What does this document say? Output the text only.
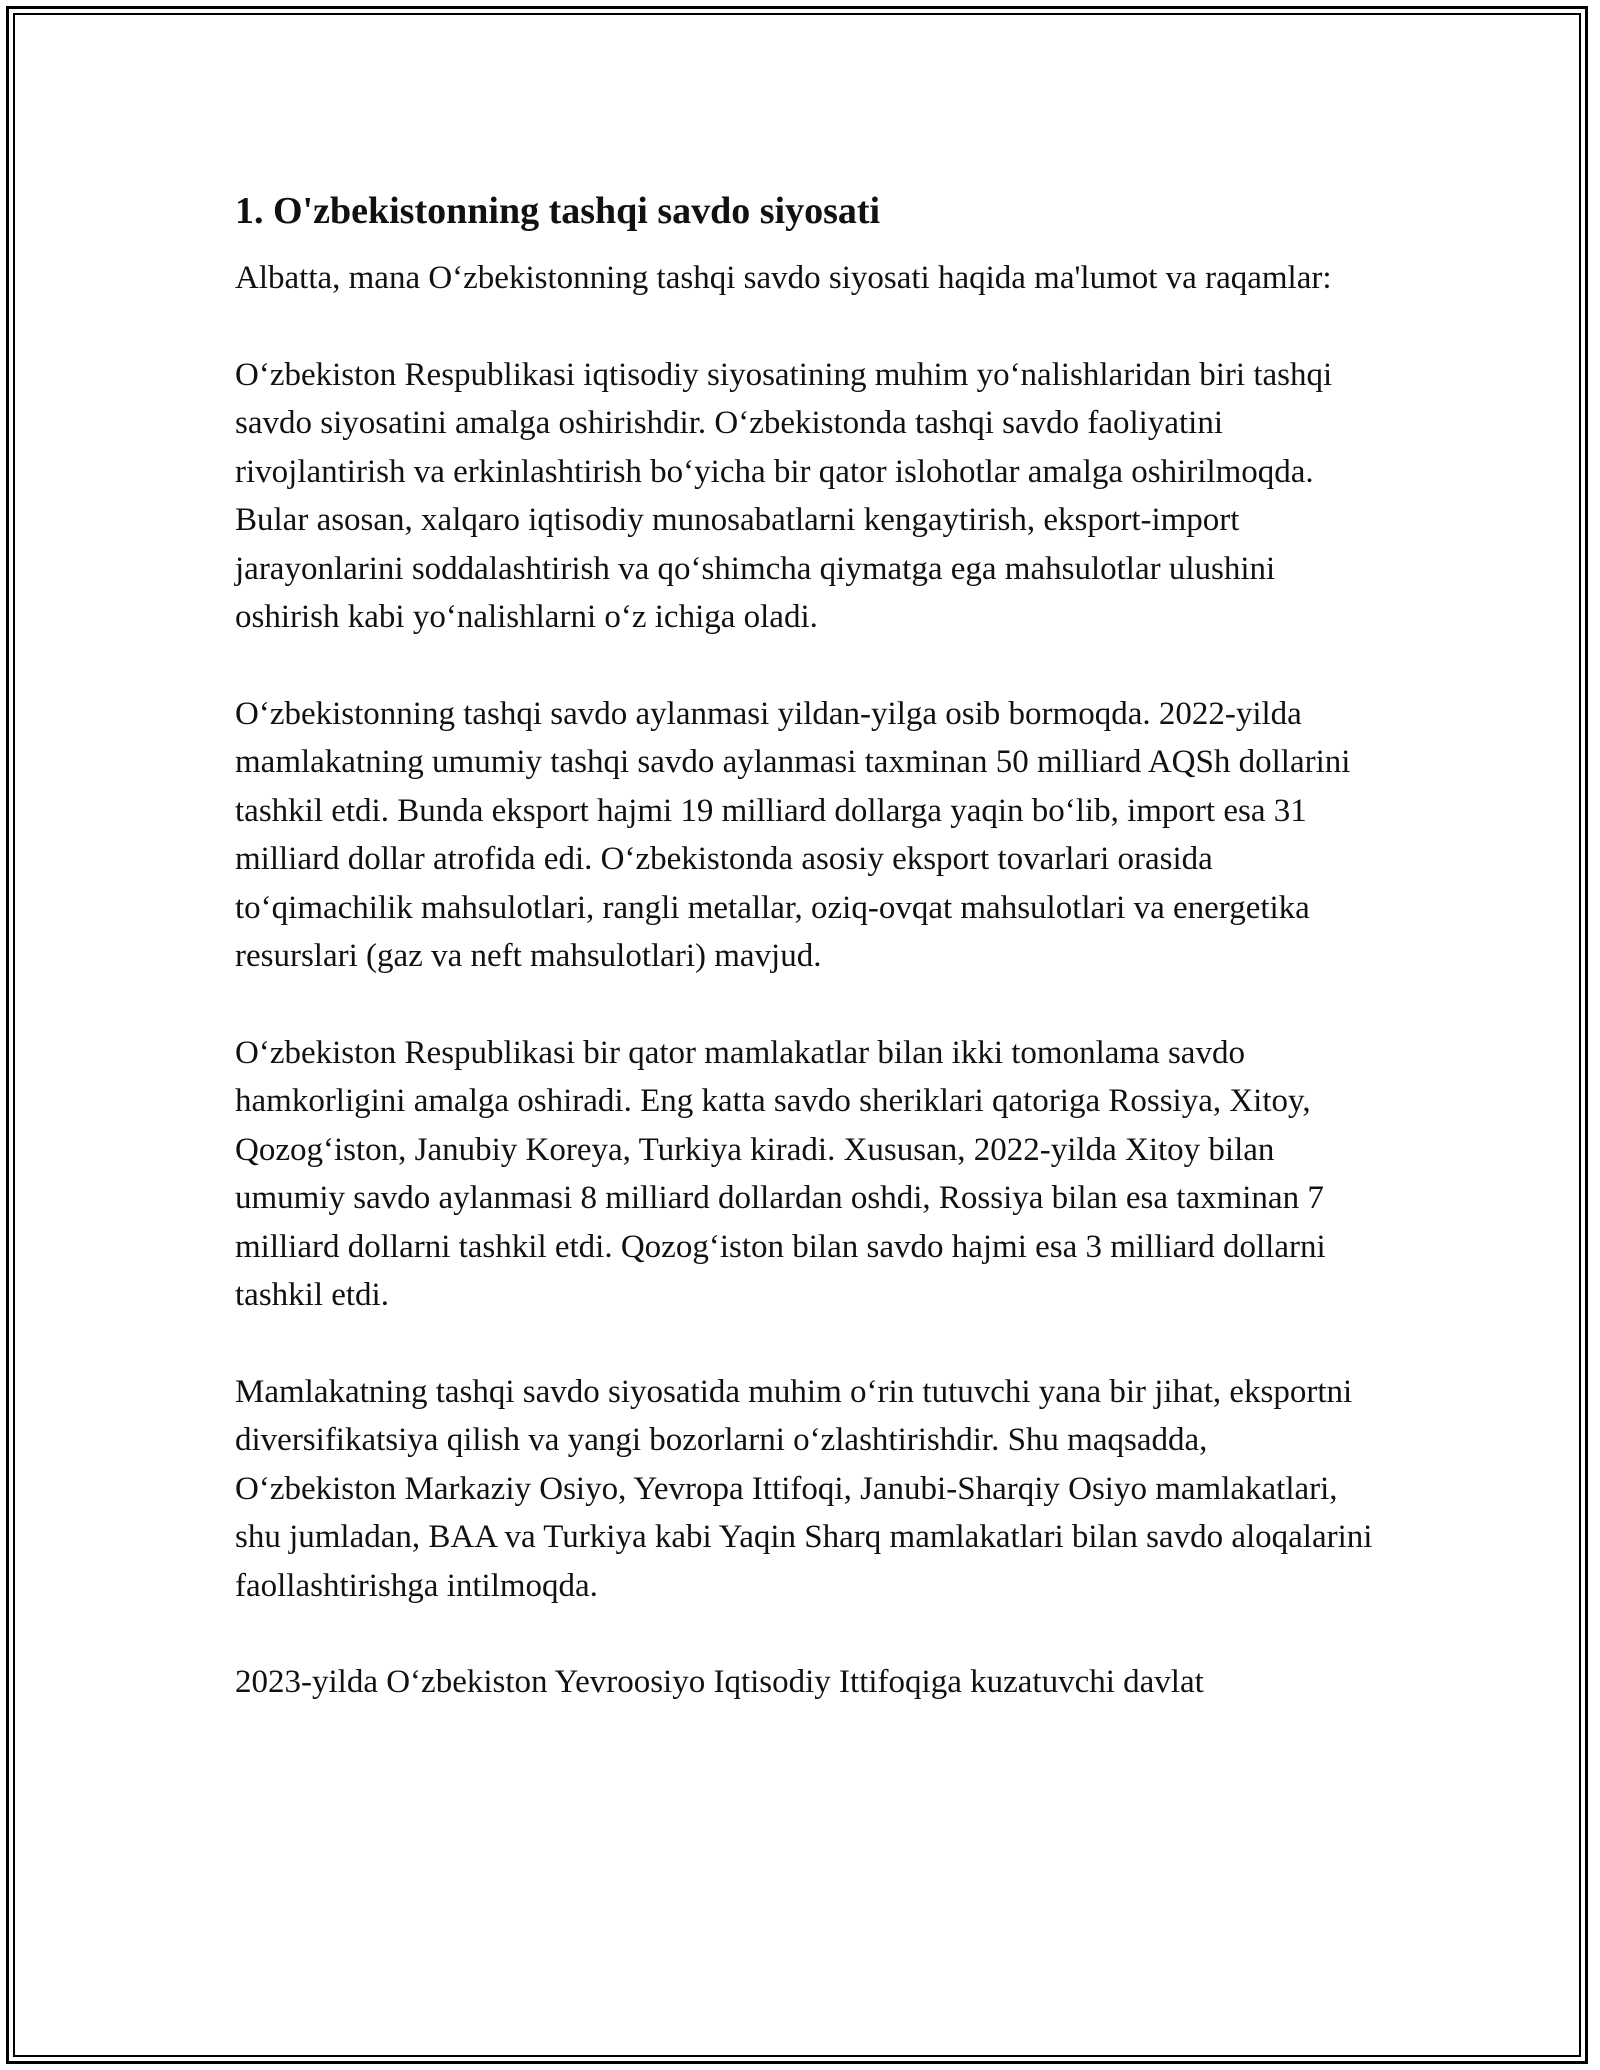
1. O'zbekistonning tashqi savdo siyosati

Albatta, mana O‘zbekistonning tashqi savdo siyosati haqida ma'lumot va raqamlar:

O‘zbekiston Respublikasi iqtisodiy siyosatining muhim yo‘nalishlaridan biri tashqi savdo siyosatini amalga oshirishdir. O‘zbekistonda tashqi savdo faoliyatini rivojlantirish va erkinlashtirish bo‘yicha bir qator islohotlar amalga oshirilmoqda. Bular asosan, xalqaro iqtisodiy munosabatlarni kengaytirish, eksport-import jarayonlarini soddalashtirish va qo‘shimcha qiymatga ega mahsulotlar ulushini oshirish kabi yo‘nalishlarni o‘z ichiga oladi.

O‘zbekistonning tashqi savdo aylanmasi yildan-yilga osib bormoqda. 2022-yilda mamlakatning umumiy tashqi savdo aylanmasi taxminan 50 milliard AQSh dollarini tashkil etdi. Bunda eksport hajmi 19 milliard dollarga yaqin bo‘lib, import esa 31 milliard dollar atrofida edi. O‘zbekistonda asosiy eksport tovarlari orasida to‘qimachilik mahsulotlari, rangli metallar, oziq-ovqat mahsulotlari va energetika resurslari (gaz va neft mahsulotlari) mavjud.

O‘zbekiston Respublikasi bir qator mamlakatlar bilan ikki tomonlama savdo hamkorligini amalga oshiradi. Eng katta savdo sheriklari qatoriga Rossiya, Xitoy, Qozog‘iston, Janubiy Koreya, Turkiya kiradi. Xususan, 2022-yilda Xitoy bilan umumiy savdo aylanmasi 8 milliard dollardan oshdi, Rossiya bilan esa taxminan 7 milliard dollarni tashkil etdi. Qozog‘iston bilan savdo hajmi esa 3 milliard dollarni tashkil etdi.

Mamlakatning tashqi savdo siyosatida muhim o‘rin tutuvchi yana bir jihat, eksportni diversifikatsiya qilish va yangi bozorlarni o‘zlashtirishdir. Shu maqsadda, O‘zbekiston Markaziy Osiyo, Yevropa Ittifoqi, Janubi-Sharqiy Osiyo mamlakatlari, shu jumladan, BAA va Turkiya kabi Yaqin Sharq mamlakatlari bilan savdo aloqalarini faollashtirishga intilmoqda.

2023-yilda O‘zbekiston Yevroosiyo Iqtisodiy Ittifoqiga kuzatuvchi davlat
